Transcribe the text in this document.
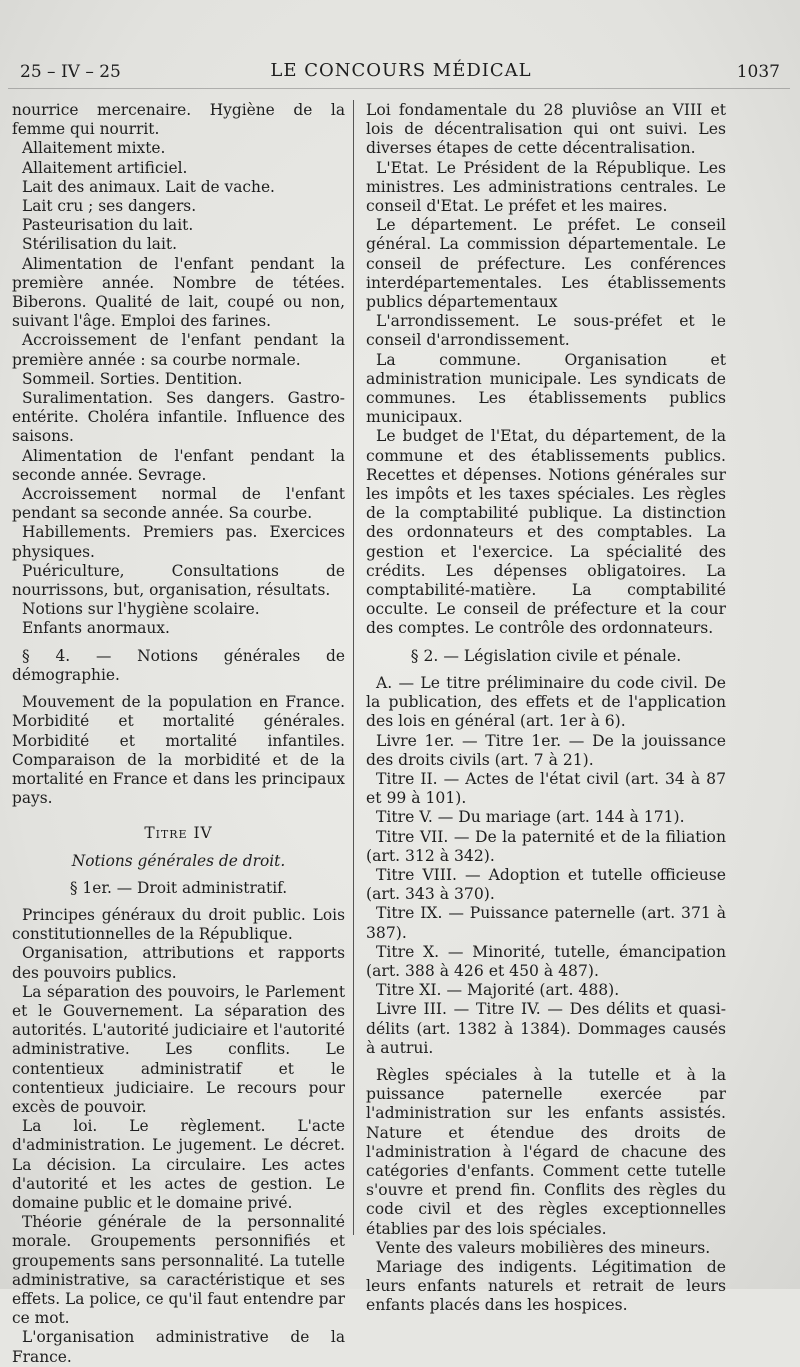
25 – IV – 25	LE CONCOURS MÉDICAL	1037

nourrice mercenaire. Hygiène de la femme qui nourrit.

Allaitement mixte.

Allaitement artificiel.

Lait des animaux. Lait de vache.

Lait cru ; ses dangers.

Pasteurisation du lait.

Stérilisation du lait.

Alimentation de l'enfant pendant la première année. Nombre de tétées. Biberons. Qualité de lait, coupé ou non, suivant l'âge. Emploi des farines.

Accroissement de l'enfant pendant la première année : sa courbe normale.

Sommeil. Sorties. Dentition.

Suralimentation. Ses dangers. Gastro-entérite. Choléra infantile. Influence des saisons.

Alimentation de l'enfant pendant la seconde année. Sevrage.

Accroissement normal de l'enfant pendant sa seconde année. Sa courbe.

Habillements. Premiers pas. Exercices physiques.

Puériculture, Consultations de nourrissons, but, organisation, résultats.

Notions sur l'hygiène scolaire.

Enfants anormaux.

§ 4. — Notions générales de démographie.

Mouvement de la population en France. Morbidité et mortalité générales. Morbidité et mortalité infantiles. Comparaison de la morbidité et de la mortalité en France et dans les principaux pays.

Titre IV

Notions générales de droit.

§ 1er. — Droit administratif.

Principes généraux du droit public. Lois constitutionnelles de la République.

Organisation, attributions et rapports des pouvoirs publics.

La séparation des pouvoirs, le Parlement et le Gouvernement. La séparation des autorités. L'autorité judiciaire et l'autorité administrative. Les conflits. Le contentieux administratif et le contentieux judiciaire. Le recours pour excès de pouvoir.

La loi. Le règlement. L'acte d'administration. Le jugement. Le décret. La décision. La circulaire. Les actes d'autorité et les actes de gestion. Le domaine public et le domaine privé.

Théorie générale de la personnalité morale. Groupements personnifiés et groupements sans personnalité. La tutelle administrative, sa caractéristique et ses effets. La police, ce qu'il faut entendre par ce mot.

L'organisation administrative de la France.

Loi fondamentale du 28 pluviôse an VIII et lois de décentralisation qui ont suivi. Les diverses étapes de cette décentralisation.

L'Etat. Le Président de la République. Les ministres. Les administrations centrales. Le conseil d'Etat. Le préfet et les maires.

Le département. Le préfet. Le conseil général. La commission départementale. Le conseil de préfecture. Les conférences interdépartementales. Les établissements publics départementaux

L'arrondissement. Le sous-préfet et le conseil d'arrondissement.

La commune. Organisation et administration municipale. Les syndicats de communes. Les établissements publics municipaux.

Le budget de l'Etat, du département, de la commune et des établissements publics. Recettes et dépenses. Notions générales sur les impôts et les taxes spéciales. Les règles de la comptabilité publique. La distinction des ordonnateurs et des comptables. La gestion et l'exercice. La spécialité des crédits. Les dépenses obligatoires. La comptabilité-matière. La comptabilité occulte. Le conseil de préfecture et la cour des comptes. Le contrôle des ordonnateurs.

§ 2. — Législation civile et pénale.

A. — Le titre préliminaire du code civil. De la publication, des effets et de l'application des lois en général (art. 1er à 6).

Livre 1er. — Titre 1er. — De la jouissance des droits civils (art. 7 à 21).

Titre II. — Actes de l'état civil (art. 34 à 87 et 99 à 101).

Titre V. — Du mariage (art. 144 à 171).

Titre VII. — De la paternité et de la filiation (art. 312 à 342).

Titre VIII. — Adoption et tutelle officieuse (art. 343 à 370).

Titre IX. — Puissance paternelle (art. 371 à 387).

Titre X. — Minorité, tutelle, émancipation (art. 388 à 426 et 450 à 487).

Titre XI. — Majorité (art. 488).

Livre III. — Titre IV. — Des délits et quasi-délits (art. 1382 à 1384). Dommages causés à autrui.

Règles spéciales à la tutelle et à la puissance paternelle exercée par l'administration sur les enfants assistés. Nature et étendue des droits de l'administration à l'égard de chacune des catégories d'enfants. Comment cette tutelle s'ouvre et prend fin. Conflits des règles du code civil et des règles exceptionnelles établies par des lois spéciales.

Vente des valeurs mobilières des mineurs.

Mariage des indigents. Légitimation de leurs enfants naturels et retrait de leurs enfants placés dans les hospices.
